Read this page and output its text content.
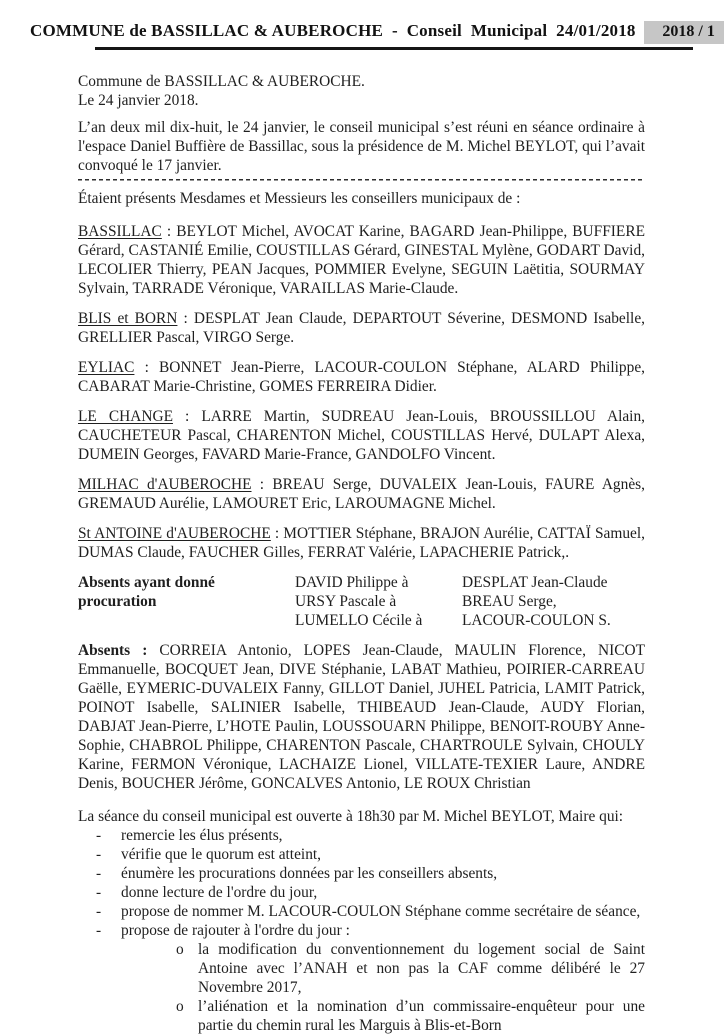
COMMUNE de BASSILLAC & AUBEROCHE  -  Conseil  Municipal  24/01/2018	2018 / 1
Commune de BASSILLAC & AUBEROCHE.
Le 24 janvier 2018.

L’an deux mil dix-huit, le 24 janvier, le conseil municipal s’est réuni en séance ordinaire à l'espace Daniel Buffière de Bassillac, sous la présidence de M. Michel BEYLOT, qui l’avait convoqué le 17 janvier.

Étaient présents Mesdames et Messieurs les conseillers municipaux de :

BASSILLAC : BEYLOT Michel, AVOCAT Karine, BAGARD Jean-Philippe, BUFFIERE Gérard, CASTANIÉ Emilie, COUSTILLAS Gérard, GINESTAL Mylène, GODART David, LECOLIER Thierry, PEAN Jacques, POMMIER Evelyne, SEGUIN Laëtitia, SOURMAY Sylvain, TARRADE Véronique, VARAILLAS Marie-Claude.

BLIS et BORN : DESPLAT Jean Claude, DEPARTOUT Séverine, DESMOND Isabelle, GRELLIER Pascal, VIRGO Serge.

EYLIAC : BONNET Jean-Pierre, LACOUR-COULON Stéphane, ALARD Philippe, CABARAT Marie-Christine, GOMES FERREIRA Didier.

LE CHANGE : LARRE Martin, SUDREAU Jean-Louis, BROUSSILLOU Alain, CAUCHETEUR Pascal, CHARENTON Michel, COUSTILLAS Hervé, DULAPT Alexa, DUMEIN Georges, FAVARD Marie-France, GANDOLFO Vincent.

MILHAC d'AUBEROCHE : BREAU Serge, DUVALEIX Jean-Louis, FAURE Agnès, GREMAUD Aurélie, LAMOURET Eric, LAROUMAGNE Michel.

St ANTOINE d'AUBEROCHE : MOTTIER Stéphane, BRAJON Aurélie, CATTAÏ Samuel, DUMAS Claude, FAUCHER Gilles, FERRAT Valérie, LAPACHERIE Patrick,.

Absents ayant donné procuration
DAVID Philippe à
URSY Pascale à
LUMELLO Cécile à
DESPLAT Jean-Claude
BREAU Serge,
LACOUR-COULON S.

Absents : CORREIA Antonio, LOPES Jean-Claude, MAULIN Florence, NICOT Emmanuelle, BOCQUET Jean, DIVE Stéphanie, LABAT Mathieu, POIRIER-CARREAU Gaëlle, EYMERIC-DUVALEIX Fanny, GILLOT Daniel, JUHEL Patricia, LAMIT Patrick, POINOT Isabelle, SALINIER Isabelle, THIBEAUD Jean-Claude, AUDY Florian, DABJAT Jean-Pierre, L’HOTE Paulin, LOUSSOUARN Philippe, BENOIT-ROUBY Anne-Sophie, CHABROL Philippe, CHARENTON Pascale, CHARTROULE Sylvain, CHOULY Karine, FERMON Véronique, LACHAIZE Lionel, VILLATE-TEXIER Laure, ANDRE Denis, BOUCHER Jérôme, GONCALVES Antonio, LE ROUX Christian

La séance du conseil municipal est ouverte à 18h30 par M. Michel BEYLOT, Maire qui:

- remercie les élus présents,
- vérifie que le quorum est atteint,
- énumère les procurations données par les conseillers absents,
- donne lecture de l'ordre du jour,
- propose de nommer M. LACOUR-COULON Stéphane comme secrétaire de séance,
- propose de rajouter à l'ordre du jour :
o la modification du conventionnement du logement social de Saint Antoine avec l’ANAH et non pas la CAF comme délibéré le 27 Novembre 2017,
o l’aliénation et la nomination d’un commissaire-enquêteur pour une partie du chemin rural les Marguis à Blis-et-Born
